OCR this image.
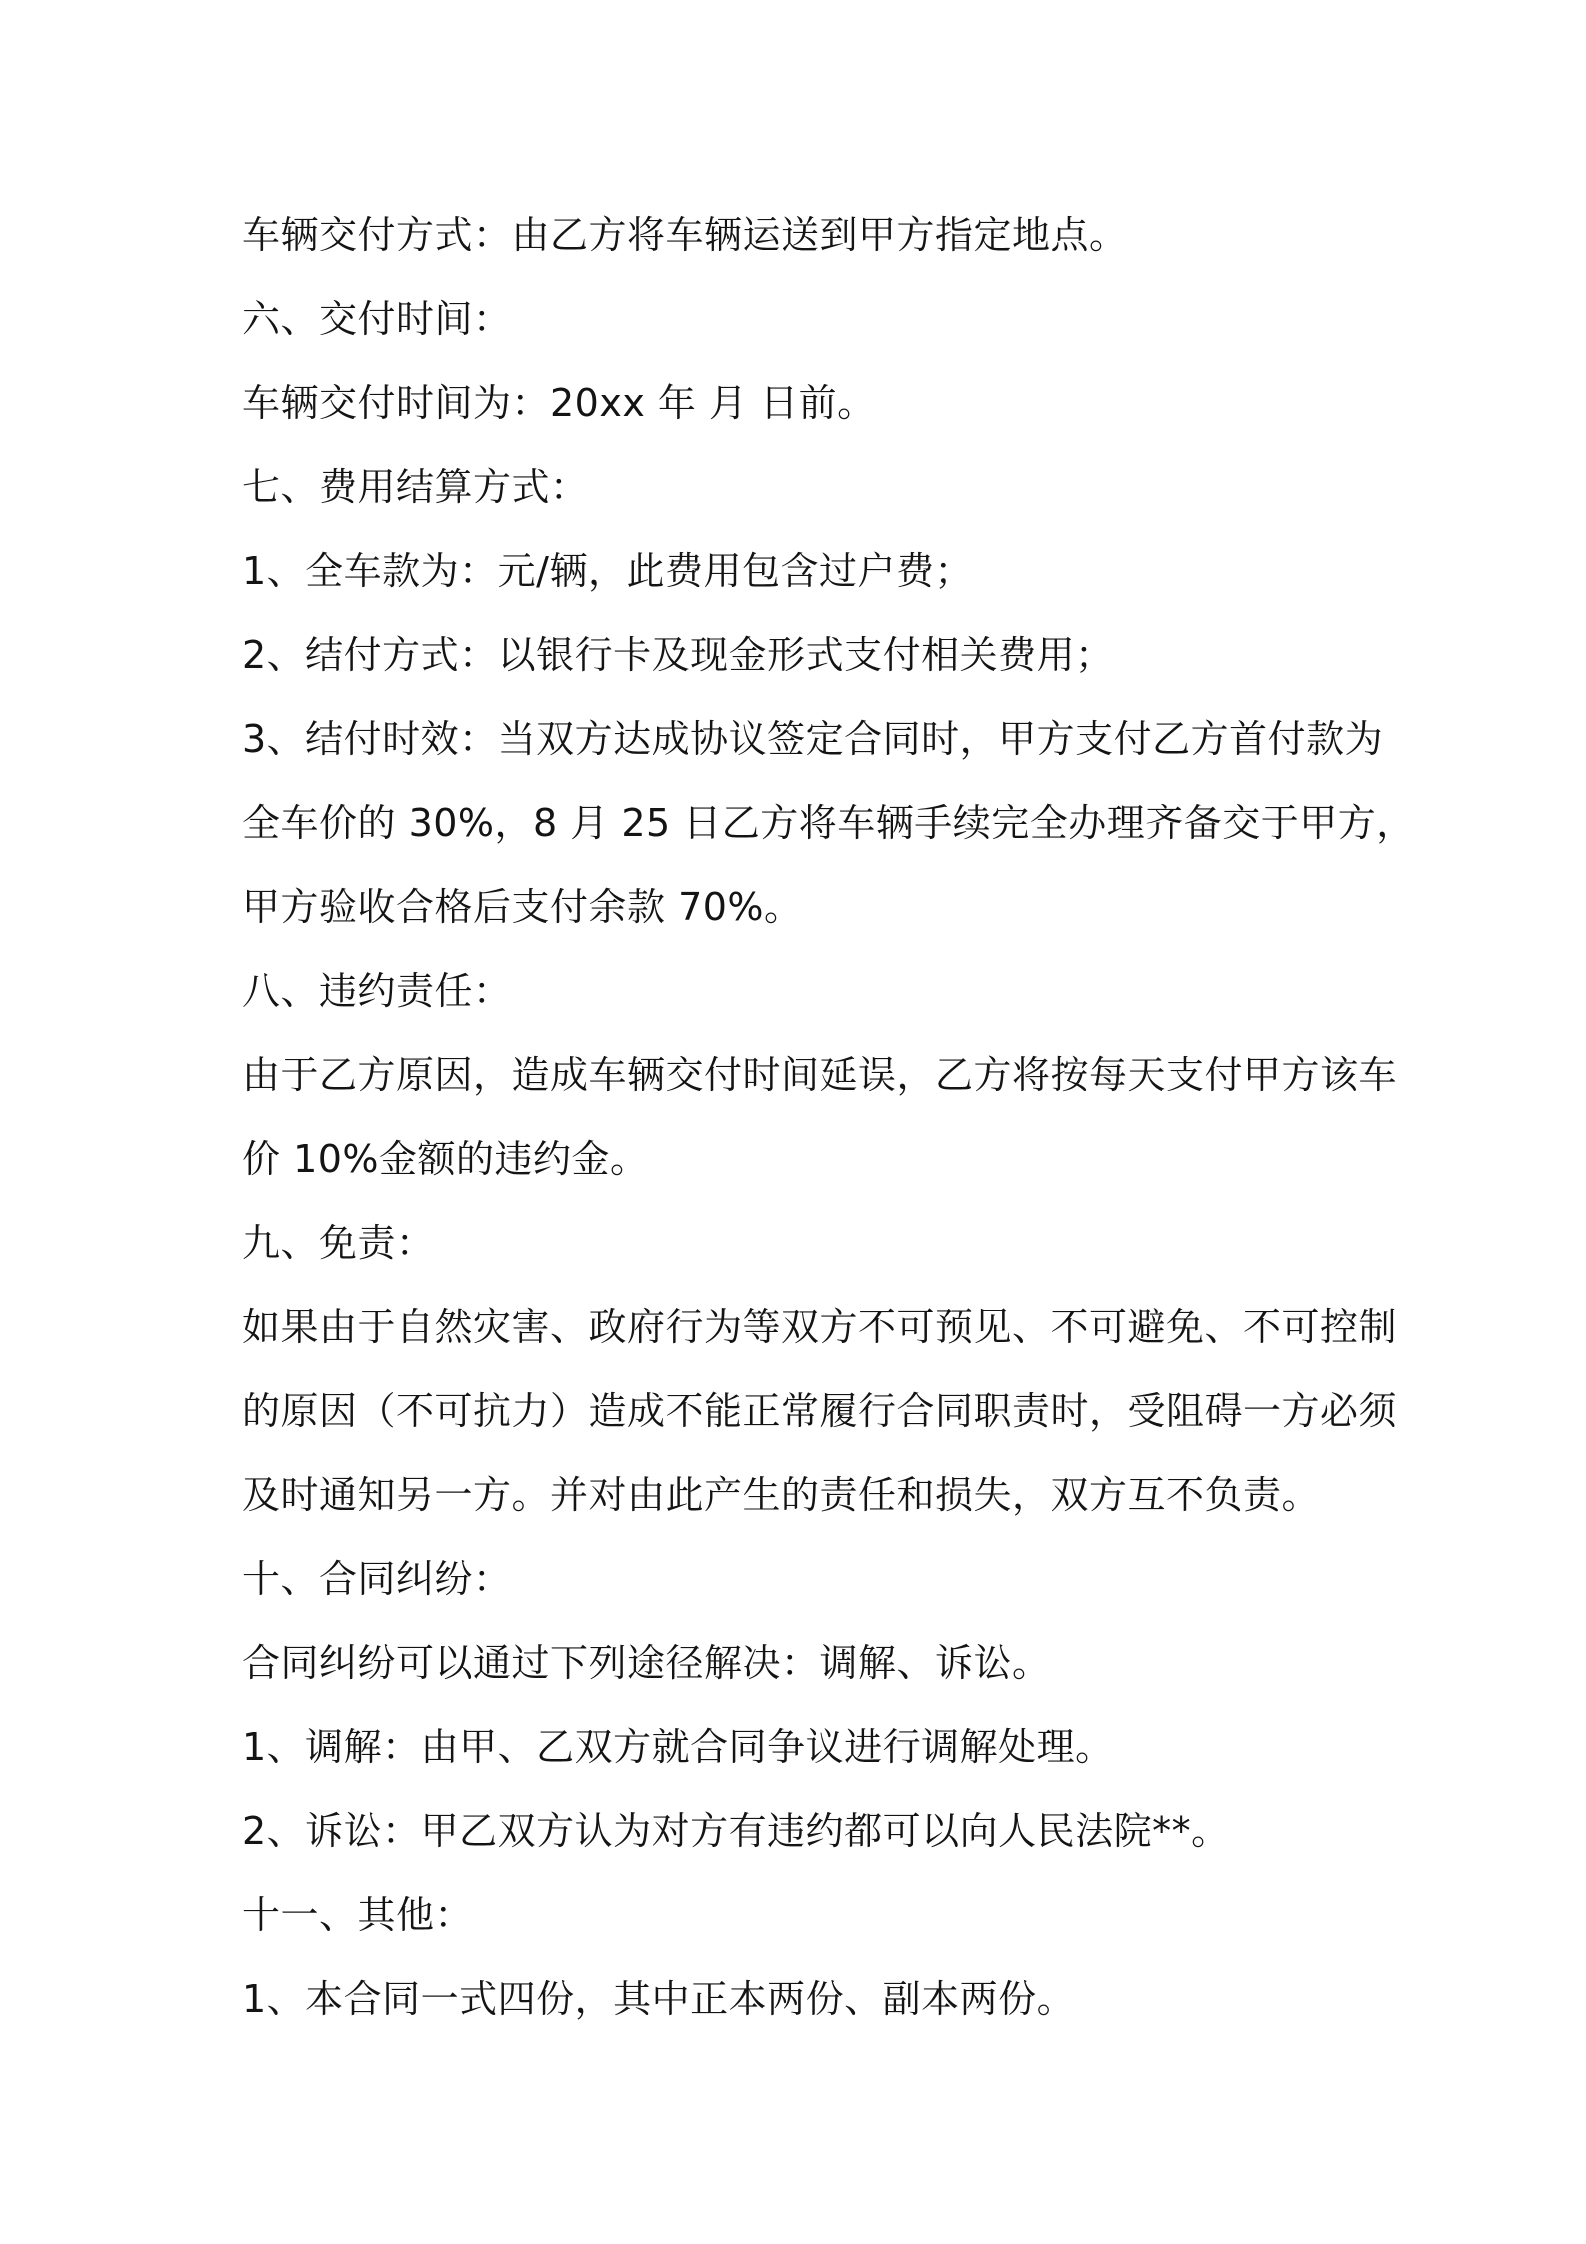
车辆交付方式：由乙方将车辆运送到甲方指定地点。
六、交付时间：
车辆交付时间为：20xx 年 月 日前。
七、费用结算方式：
1、全车款为：元/辆，此费用包含过户费；
2、结付方式：以银行卡及现金形式支付相关费用；
3、结付时效：当双方达成协议签定合同时，甲方支付乙方首付款为
全车价的 30%，8 月 25 日乙方将车辆手续完全办理齐备交于甲方，
甲方验收合格后支付余款 70%。
八、违约责任：
由于乙方原因，造成车辆交付时间延误，乙方将按每天支付甲方该车
价 10%金额的违约金。
九、免责：
如果由于自然灾害、政府行为等双方不可预见、不可避免、不可控制
的原因（不可抗力）造成不能正常履行合同职责时，受阻碍一方必须
及时通知另一方。并对由此产生的责任和损失，双方互不负责。
十、合同纠纷：
合同纠纷可以通过下列途径解决：调解、诉讼。
1、调解：由甲、乙双方就合同争议进行调解处理。
2、诉讼：甲乙双方认为对方有违约都可以向人民法院**。
十一、其他：
1、本合同一式四份，其中正本两份、副本两份。
